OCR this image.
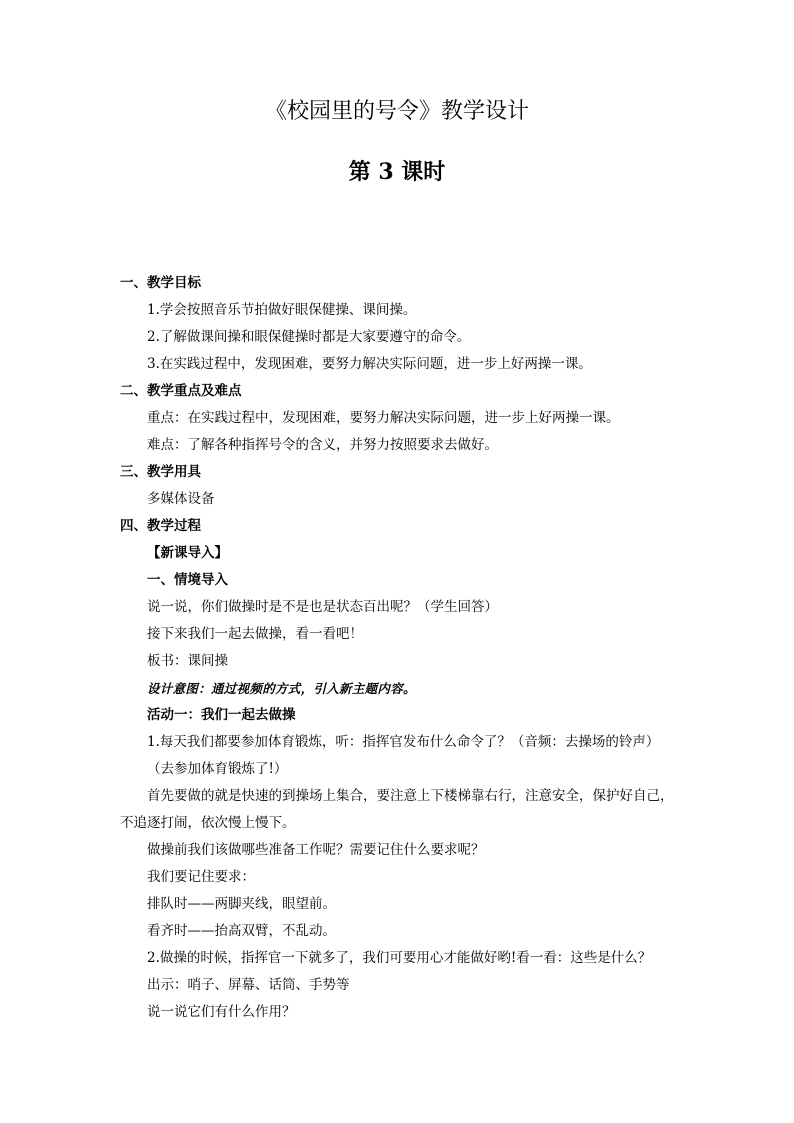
《校园里的号令》教学设计
第 3 课时
一、教学目标
1.学会按照音乐节拍做好眼保健操、课间操。
2.了解做课间操和眼保健操时都是大家要遵守的命令。
3.在实践过程中，发现困难，要努力解决实际问题，进一步上好两操一课。
二、教学重点及难点
重点：在实践过程中，发现困难，要努力解决实际问题，进一步上好两操一课。
难点：了解各种指挥号令的含义，并努力按照要求去做好。
三、教学用具
多媒体设备
四、教学过程
【新课导入】
一、情境导入
说一说，你们做操时是不是也是状态百出呢？（学生回答）
接下来我们一起去做操，看一看吧！
板书：课间操
设计意图：通过视频的方式，引入新主题内容。
活动一：我们一起去做操
1.每天我们都要参加体育锻炼，听：指挥官发布什么命令了？（音频：去操场的铃声）
（去参加体育锻炼了!）
首先要做的就是快速的到操场上集合，要注意上下楼梯靠右行，注意安全，保护好自己，不追逐打闹，依次慢上慢下。
做操前我们该做哪些准备工作呢？需要记住什么要求呢？
我们要记住要求：
排队时——两脚夹线，眼望前。
看齐时——抬高双臂，不乱动。
2.做操的时候，指挥官一下就多了，我们可要用心才能做好哟!看一看：这些是什么？
出示：哨子、屏幕、话筒、手势等
说一说它们有什么作用？
